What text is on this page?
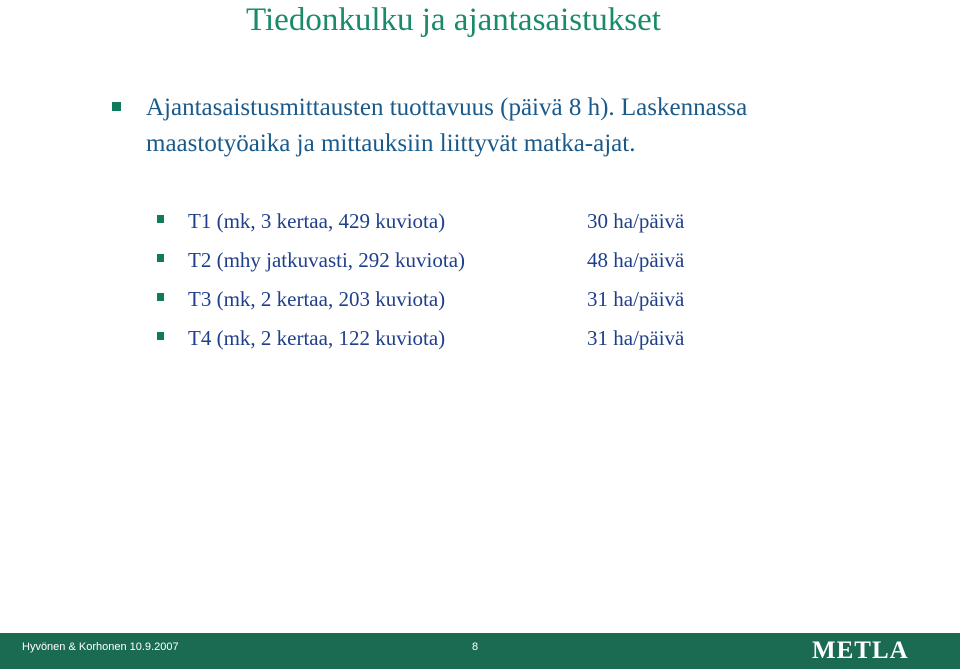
Tiedonkulku ja ajantasaistukset
Ajantasaistusmittausten tuottavuus (päivä 8 h). Laskennassa maastotyöaika ja mittauksiin liittyvät matka-ajat.
T1 (mk, 3 kertaa, 429 kuviota)	30 ha/päivä
T2 (mhy jatkuvasti, 292 kuviota)	48 ha/päivä
T3 (mk, 2 kertaa, 203 kuviota)	31 ha/päivä
T4 (mk, 2 kertaa, 122 kuviota)	31 ha/päivä
Hyvönen & Korhonen 10.9.2007	8	METLA
